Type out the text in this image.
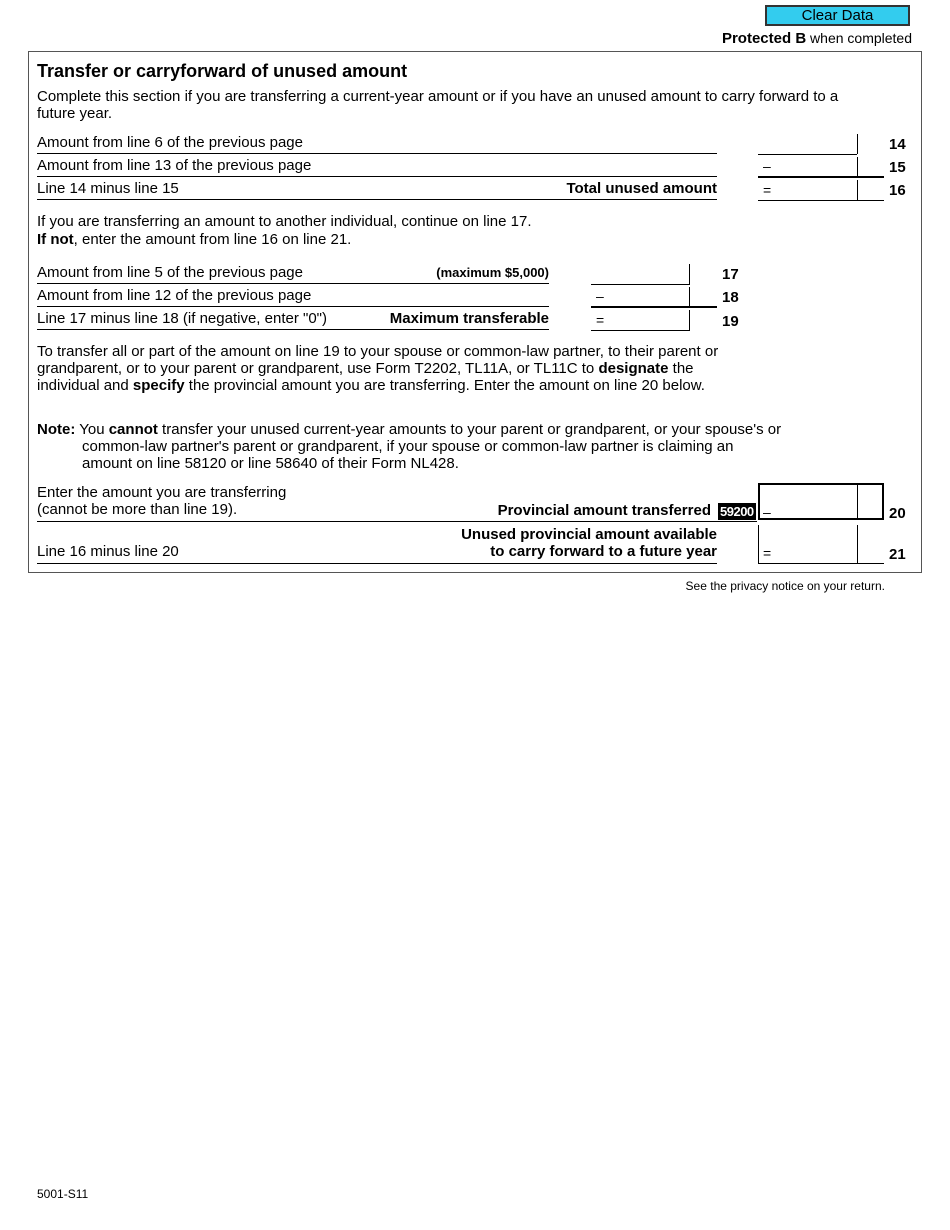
Clear Data
Protected B when completed
Transfer or carryforward of unused amount
Complete this section if you are transferring a current-year amount or if you have an unused amount to carry forward to a future year.
Amount from line 6 of the previous page	14
Amount from line 13 of the previous page	–	15
Line 14 minus line 15	Total unused amount	=	16
If you are transferring an amount to another individual, continue on line 17.
If not, enter the amount from line 16 on line 21.
Amount from line 5 of the previous page	(maximum $5,000)	17
Amount from line 12 of the previous page	–	18
Line 17 minus line 18 (if negative, enter "0")	Maximum transferable	=	19
To transfer all or part of the amount on line 19 to your spouse or common-law partner, to their parent or grandparent, or to your parent or grandparent, use Form T2202, TL11A, or TL11C to designate the individual and specify the provincial amount you are transferring. Enter the amount on line 20 below.
Note: You cannot transfer your unused current-year amounts to your parent or grandparent, or your spouse's or common-law partner's parent or grandparent, if your spouse or common-law partner is claiming an amount on line 58120 or line 58640 of their Form NL428.
Enter the amount you are transferring
(cannot be more than line 19).	Provincial amount transferred 59200 –	20
Unused provincial amount available
to carry forward to a future year
Line 16 minus line 20	=	21
See the privacy notice on your return.
5001-S11
